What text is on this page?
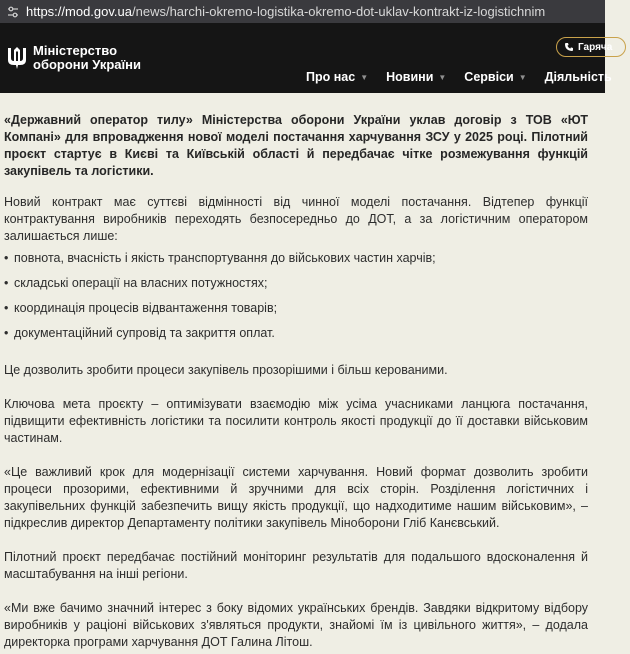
https://mod.gov.ua/news/harchi-okremo-logistika-okremo-dot-uklav-kontrakt-iz-logistichnim
Міністерство
оборони України
Гаряча
Про нас ▼ Новини ▼ Сервіси ▼ Діяльність

«Державний оператор тилу» Міністерства оборони України уклав договір з ТОВ «ЮТ Компані» для впровадження нової моделі постачання харчування ЗСУ у 2025 році. Пілотний проєкт стартує в Києві та Київській області й передбачає чітке розмежування функцій закупівель та логістики.

Новий контракт має суттєві відмінності від чинної моделі постачання. Відтепер функції контрактування виробників переходять безпосередньо до ДОТ, а за логістичним оператором залишається лише:

• повнота, вчасність і якість транспортування до військових частин харчів;
• складські операції на власних потужностях;
• координація процесів відвантаження товарів;
• документаційний супровід та закриття оплат.

Це дозволить зробити процеси закупівель прозорішими і більш керованими.

Ключова мета проєкту – оптимізувати взаємодію між усіма учасниками ланцюга постачання, підвищити ефективність логістики та посилити контроль якості продукції до її доставки військовим частинам.

«Це важливий крок для модернізації системи харчування. Новий формат дозволить зробити процеси прозорими, ефективними й зручними для всіх сторін. Розділення логістичних і закупівельних функцій забезпечить вищу якість продукції, що надходитиме нашим військовим», – підкреслив директор Департаменту політики закупівель Міноборони Гліб Канєвський.

Пілотний проєкт передбачає постійний моніторинг результатів для подальшого вдосконалення й масштабування на інші регіони.

«Ми вже бачимо значний інтерес з боку відомих українських брендів. Завдяки відкритому відбору виробників у раціоні військових з'являться продукти, знайомі їм із цивільного життя», – додала директорка програми харчування ДОТ Галина Літош.
